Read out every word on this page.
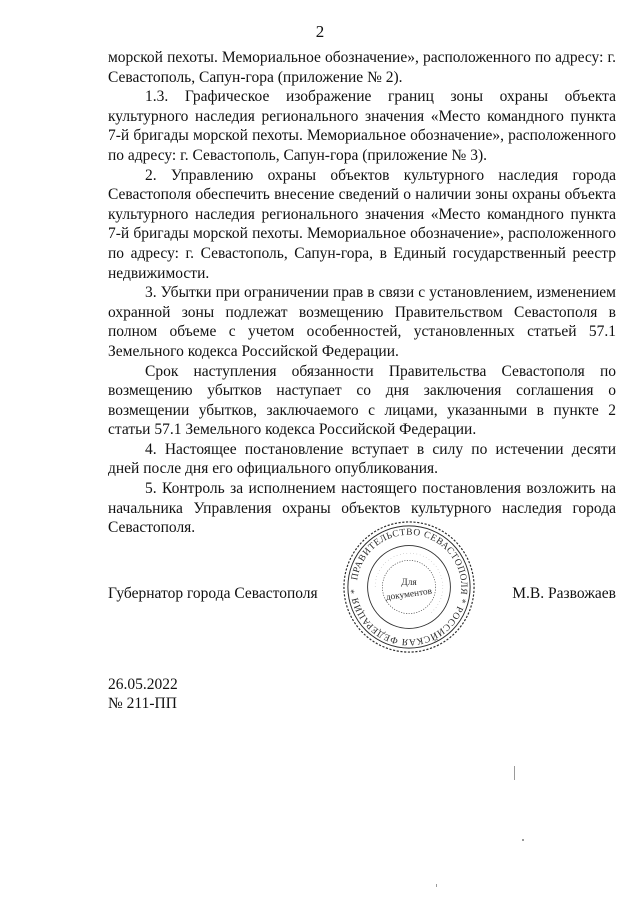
2

морской пехоты. Мемориальное обозначение», расположенного по адресу: г. Севастополь, Сапун-гора (приложение № 2).

1.3. Графическое изображение границ зоны охраны объекта культурного наследия регионального значения «Место командного пункта 7-й бригады морской пехоты. Мемориальное обозначение», расположенного по адресу: г. Севастополь, Сапун-гора (приложение № 3).

2. Управлению охраны объектов культурного наследия города Севастополя обеспечить внесение сведений о наличии зоны охраны объекта культурного наследия регионального значения «Место командного пункта 7-й бригады морской пехоты. Мемориальное обозначение», расположенного по адресу: г. Севастополь, Сапун-гора, в Единый государственный реестр недвижимости.

3. Убытки при ограничении прав в связи с установлением, изменением охранной зоны подлежат возмещению Правительством Севастополя в полном объеме с учетом особенностей, установленных статьей 57.1 Земельного кодекса Российской Федерации.

Срок наступления обязанности Правительства Севастополя по возмещению убытков наступает со дня заключения соглашения о возмещении убытков, заключаемого с лицами, указанными в пункте 2 статьи 57.1 Земельного кодекса Российской Федерации.

4. Настоящее постановление вступает в силу по истечении десяти дней после дня его официального опубликования.

5. Контроль за исполнением настоящего постановления возложить на начальника Управления охраны объектов культурного наследия города Севастополя.

Губернатор города Севастополя	М.В. Развожаев
ПРАВИТЕЛЬСТВО СЕВАСТОПОЛЯ * РОССИЙСКАЯ ФЕДЕРАЦИЯ *
· · · · · · · · · · · · · · · · · · · · · · · · · · · · · · · · · · · · · · · · ·
Для
документов
26.05.2022
№ 211-ПП
